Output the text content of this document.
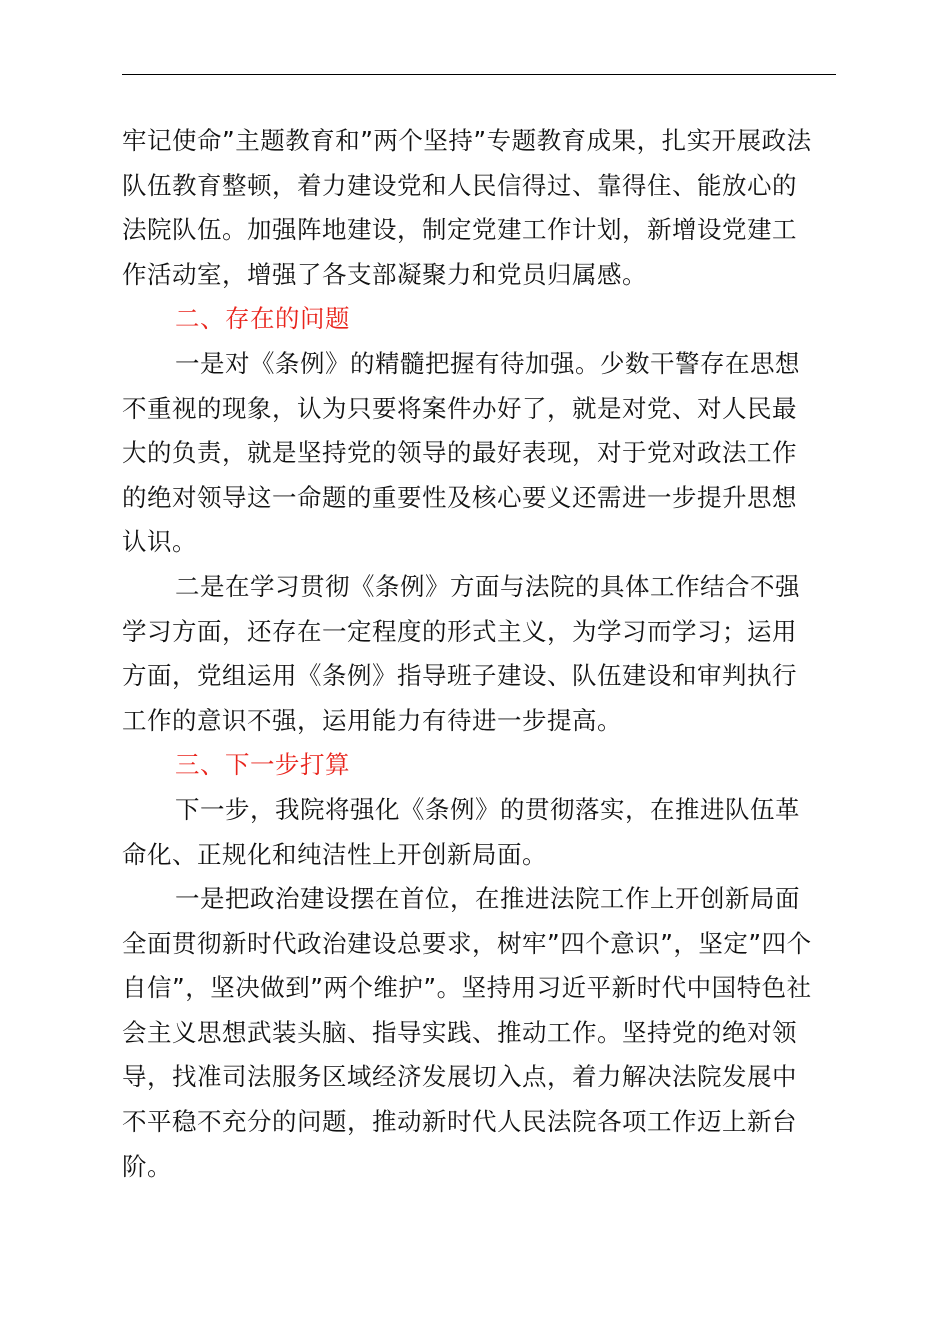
牢记使命”主题教育和”两个坚持”专题教育成果，扎实开展政法
队伍教育整顿，着力建设党和人民信得过、靠得住、能放心的
法院队伍。加强阵地建设，制定党建工作计划，新增设党建工
作活动室，增强了各支部凝聚力和党员归属感。
二、存在的问题
一是对《条例》的精髓把握有待加强。少数干警存在思想
不重视的现象，认为只要将案件办好了，就是对党、对人民最
大的负责，就是坚持党的领导的最好表现，对于党对政法工作
的绝对领导这一命题的重要性及核心要义还需进一步提升思想
认识。
二是在学习贯彻《条例》方面与法院的具体工作结合不强
学习方面，还存在一定程度的形式主义，为学习而学习；运用
方面，党组运用《条例》指导班子建设、队伍建设和审判执行
工作的意识不强，运用能力有待进一步提高。
三、下一步打算
下一步，我院将强化《条例》的贯彻落实，在推进队伍革
命化、正规化和纯洁性上开创新局面。
一是把政治建设摆在首位，在推进法院工作上开创新局面
全面贯彻新时代政治建设总要求，树牢”四个意识”，坚定”四个
自信”，坚决做到”两个维护”。坚持用习近平新时代中国特色社
会主义思想武装头脑、指导实践、推动工作。坚持党的绝对领
导，找准司法服务区域经济发展切入点，着力解决法院发展中
不平稳不充分的问题，推动新时代人民法院各项工作迈上新台
阶。
